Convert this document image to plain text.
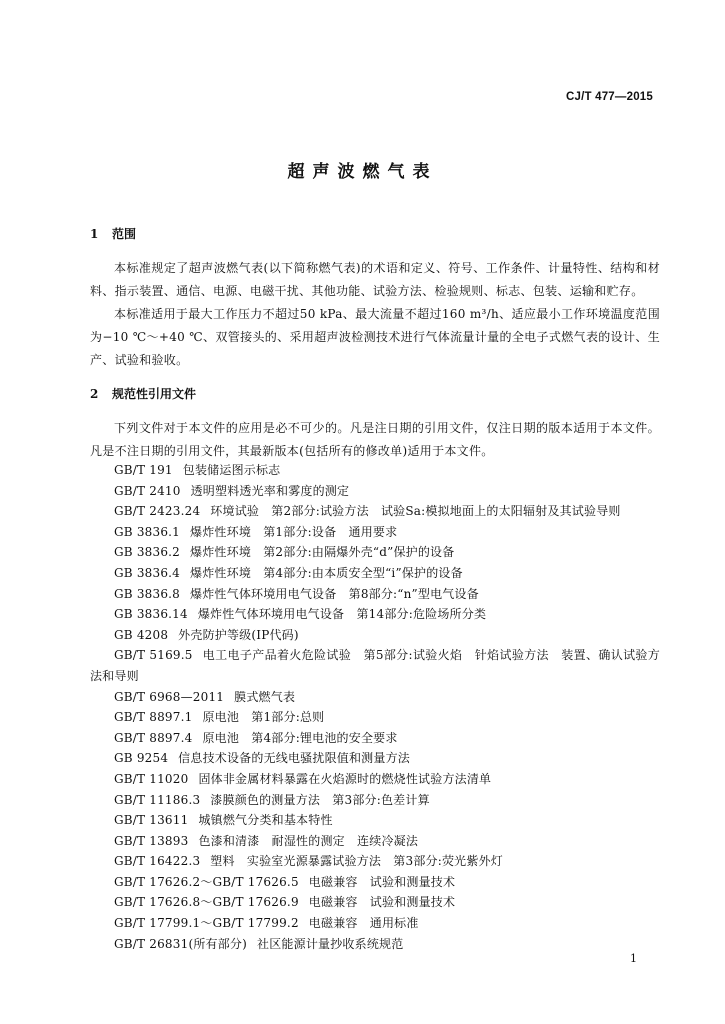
CJ/T 477—2015
超声波燃气表
1 范围
本标准规定了超声波燃气表(以下简称燃气表)的术语和定义、符号、工作条件、计量特性、结构和材料、指示装置、通信、电源、电磁干扰、其他功能、试验方法、检验规则、标志、包装、运输和贮存。
本标准适用于最大工作压力不超过50 kPa、最大流量不超过160 m³/h、适应最小工作环境温度范围为−10 ℃～+40 ℃、双管接头的、采用超声波检测技术进行气体流量计量的全电子式燃气表的设计、生产、试验和验收。
2 规范性引用文件
下列文件对于本文件的应用是必不可少的。凡是注日期的引用文件，仅注日期的版本适用于本文件。凡是不注日期的引用文件，其最新版本(包括所有的修改单)适用于本文件。
GB/T 191 包装储运图示标志
GB/T 2410 透明塑料透光率和雾度的测定
GB/T 2423.24 环境试验　第2部分:试验方法　试验Sa:模拟地面上的太阳辐射及其试验导则
GB 3836.1 爆炸性环境　第1部分:设备　通用要求
GB 3836.2 爆炸性环境　第2部分:由隔爆外壳“d”保护的设备
GB 3836.4 爆炸性环境　第4部分:由本质安全型“i”保护的设备
GB 3836.8 爆炸性气体环境用电气设备　第8部分:“n”型电气设备
GB 3836.14 爆炸性气体环境用电气设备　第14部分:危险场所分类
GB 4208 外壳防护等级(IP代码)
GB/T 5169.5 电工电子产品着火危险试验　第5部分:试验火焰　针焰试验方法　装置、确认试验方法和导则
GB/T 6968—2011 膜式燃气表
GB/T 8897.1 原电池　第1部分:总则
GB/T 8897.4 原电池　第4部分:锂电池的安全要求
GB 9254 信息技术设备的无线电骚扰限值和测量方法
GB/T 11020 固体非金属材料暴露在火焰源时的燃烧性试验方法清单
GB/T 11186.3 漆膜颜色的测量方法　第3部分:色差计算
GB/T 13611 城镇燃气分类和基本特性
GB/T 13893 色漆和清漆　耐湿性的测定　连续冷凝法
GB/T 16422.3 塑料　实验室光源暴露试验方法　第3部分:荧光紫外灯
GB/T 17626.2～GB/T 17626.5 电磁兼容　试验和测量技术
GB/T 17626.8～GB/T 17626.9 电磁兼容　试验和测量技术
GB/T 17799.1～GB/T 17799.2 电磁兼容　通用标准
GB/T 26831(所有部分) 社区能源计量抄收系统规范
1
